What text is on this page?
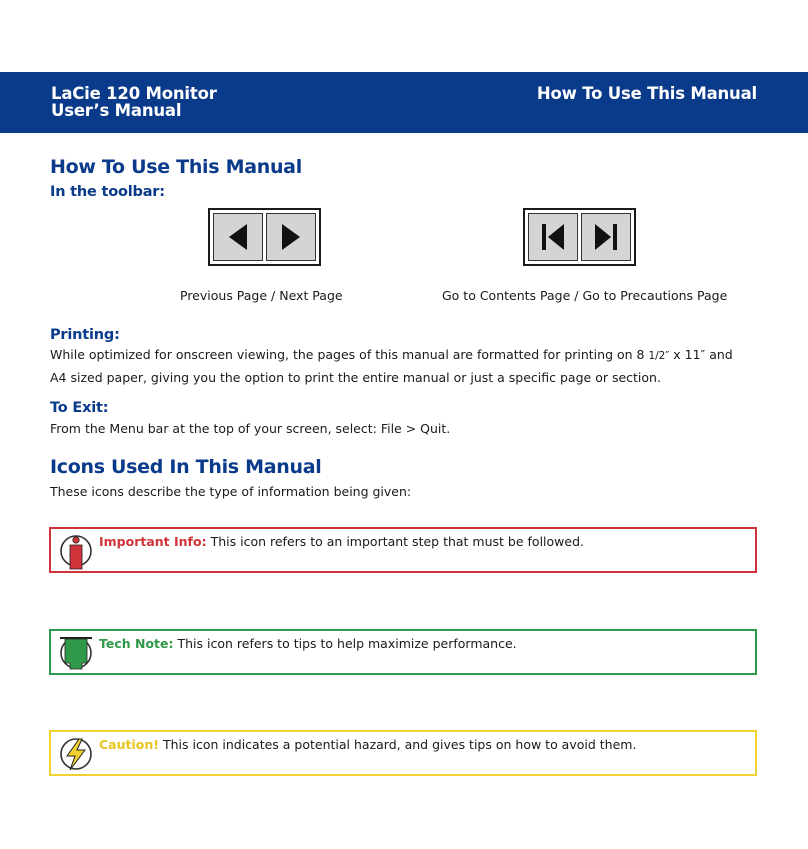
LaCie 120 Monitor
User’s Manual
How To Use This Manual
How To Use This Manual
In the toolbar:
Previous Page / Next Page	Go to Contents Page / Go to Precautions Page
Printing:
While optimized for onscreen viewing, the pages of this manual are formatted for printing on 8 1/2″ x 11″ and A4 sized paper, giving you the option to print the entire manual or just a specific page or section.
To Exit:
From the Menu bar at the top of your screen, select: File > Quit.
Icons Used In This Manual
These icons describe the type of information being given:
Important Info: This icon refers to an important step that must be followed.
Tech Note: This icon refers to tips to help maximize performance.
Caution! This icon indicates a potential hazard, and gives tips on how to avoid them.
